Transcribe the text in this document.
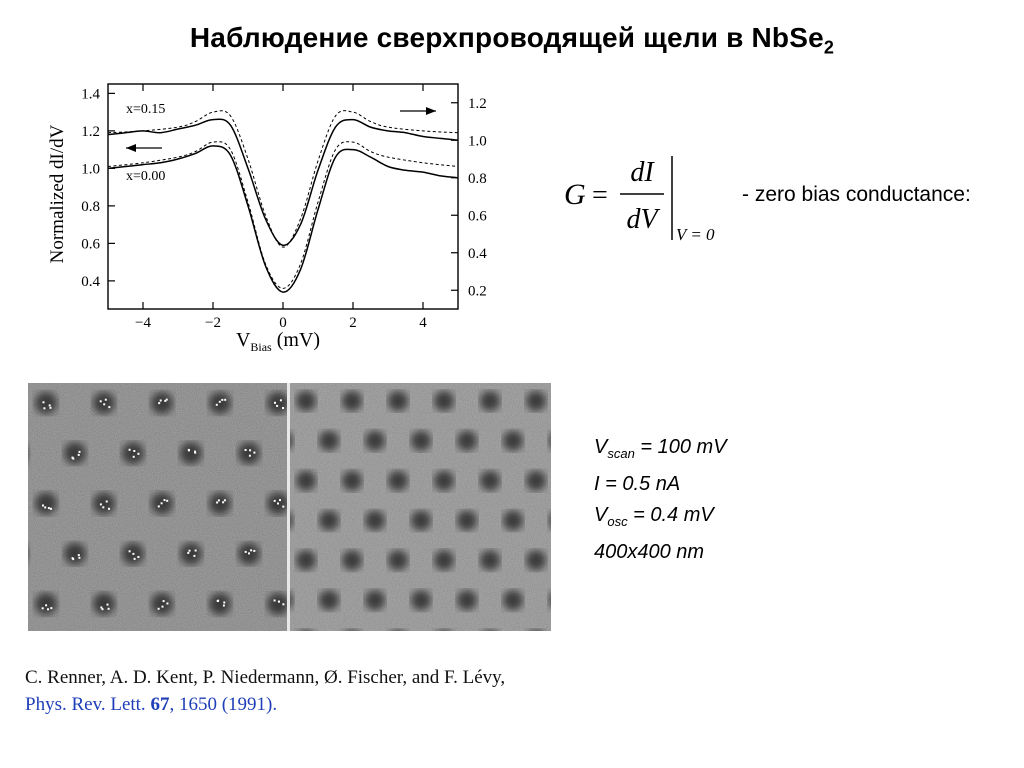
Наблюдение сверхпроводящей щели в NbSe$_2$
−4	−2	0	2	4
1.4
1.2
1.0
0.8
0.6
0.4
1.2
1.0
0.8
0.6
0.4
0.2
x=0.15
x=0.00
Normalized dI/dV
$V_{Bias}$ (mV)
G =
dI
dV V = 0
- zero bias conductance:
$V_{scan} = 100$ mV
I = 0.5 nA
$V_{osc} = 0.4$ mV
400x400 nm
C. Renner, A. D. Kent, P. Niedermann, Ø. Fischer, and F. Lévy,
Phys. Rev. Lett. 67, 1650 (1991).
